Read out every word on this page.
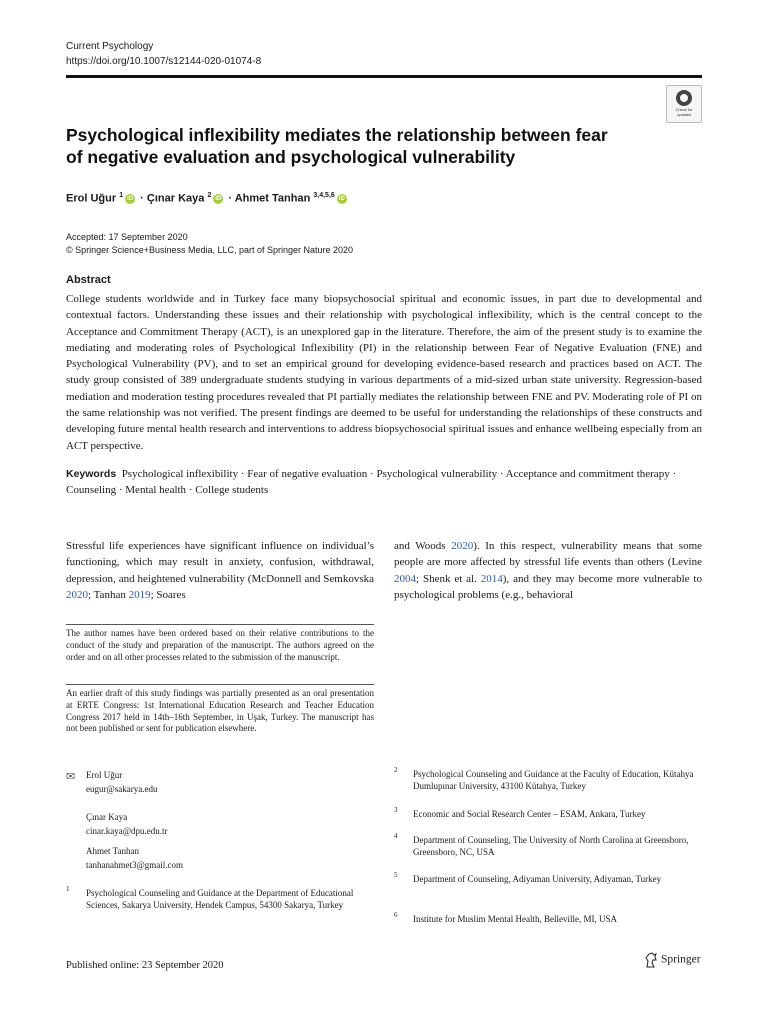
Current Psychology
https://doi.org/10.1007/s12144-020-01074-8
Check for
updates
Psychological inflexibility mediates the relationship between fear of negative evaluation and psychological vulnerability
Erol Uğur $^1$ iD · Çınar Kaya $^2$ iD · Ahmet Tanhan $^{3,4,5,6}$ iD
Accepted: 17 September 2020
© Springer Science+Business Media, LLC, part of Springer Nature 2020
Abstract
College students worldwide and in Turkey face many biopsychosocial spiritual and economic issues, in part due to developmental and contextual factors. Understanding these issues and their relationship with psychological inflexibility, which is the central concept to the Acceptance and Commitment Therapy (ACT), is an unexplored gap in the literature. Therefore, the aim of the present study is to examine the mediating and moderating roles of Psychological Inflexibility (PI) in the relationship between Fear of Negative Evaluation (FNE) and Psychological Vulnerability (PV), and to set an empirical ground for developing evidence-based research and practices based on ACT. The study group consisted of 389 undergraduate students studying in various departments of a mid-sized urban state university. Regression-based mediation and moderation testing procedures revealed that PI partially mediates the relationship between FNE and PV. Moderating role of PI on the same relationship was not verified. The present findings are deemed to be useful for understanding the relationships of these constructs and developing future mental health research and interventions to address biopsychosocial spiritual issues and enhance wellbeing especially from an ACT perspective.
Keywords Psychological inflexibility · Fear of negative evaluation · Psychological vulnerability · Acceptance and commitment therapy · Counseling · Mental health · College students
Stressful life experiences have significant influence on individual’s functioning, which may result in anxiety, confusion, withdrawal, depression, and heightened vulnerability (McDonnell and Semkovska 2020; Tanhan 2019; Soares
and Woods 2020). In this respect, vulnerability means that some people are more affected by stressful life events than others (Levine 2004; Shenk et al. 2014), and they may become more vulnerable to psychological problems (e.g., behavioral
The author names have been ordered based on their relative contributions to the conduct of the study and preparation of the manuscript. The authors agreed on the order and on all other processes related to the submission of the manuscript.
An earlier draft of this study findings was partially presented as an oral presentation at ERTE Congress: 1st International Education Research and Teacher Education Congress 2017 held in 14th–16th September, in Uşak, Turkey. The manuscript has not been published or sent for publication elsewhere.
✉ Erol Uğur
eugur@sakarya.edu
Çınar Kaya
cinar.kaya@dpu.edu.tr
Ahmet Tanhan
tanhanahmet3@gmail.com
1 Psychological Counseling and Guidance at the Department of Educational Sciences, Sakarya University, Hendek Campus, 54300 Sakarya, Turkey
2 Psychological Counseling and Guidance at the Faculty of Education, Kütahya Dumlupınar University, 43100 Kütahya, Turkey
3 Economic and Social Research Center – ESAM, Ankara, Turkey
4 Department of Counseling, The University of North Carolina at Greensboro, Greensboro, NC, USA
5 Department of Counseling, Adiyaman University, Adiyaman, Turkey
6 Institute for Muslim Mental Health, Belleville, MI, USA
Published online: 23 September 2020	Springer
